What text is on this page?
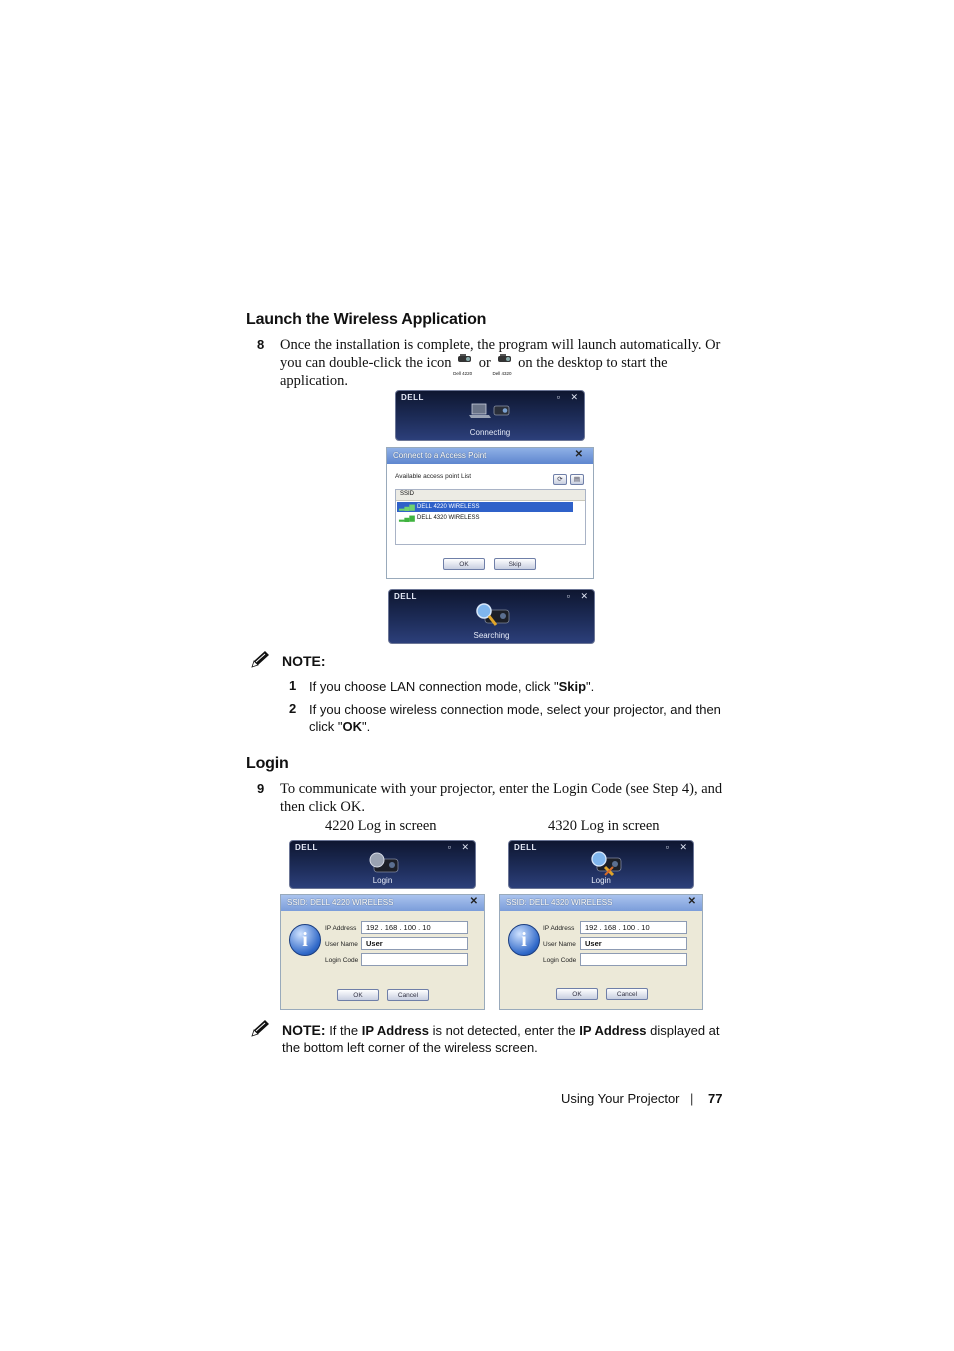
Launch the Wireless Application
8 Once the installation is complete, the program will launch automatically. Or you can double-click the icon
Dell 4220
or
Dell 4320
on the desktop to start the application.
DELL	▫ ✕
Connecting
Connect to a Access Point	✕
Available access point List	⟳	▤
SSID
▂▄▆ DELL 4220 WIRELESS
▂▄▆ DELL 4320 WIRELESS
OK	Skip
DELL	▫ ✕
Searching
NOTE:
1 If you choose LAN connection mode, click "Skip".
2 If you choose wireless connection mode, select your projector, and then click "OK".
Login
9 To communicate with your projector, enter the Login Code (see Step 4), and then click OK.
4220 Log in screen	4320 Log in screen
DELL	▫ ✕
Login
SSID: DELL 4220 WIRELESS	✕
i
IP Address	192 . 168 . 100 . 10
User Name	User
Login Code
OK	Cancel
DELL	▫ ✕
Login
SSID: DELL 4320 WIRELESS	✕
i
IP Address	192 . 168 . 100 . 10
User Name	User
Login Code
OK	Cancel
NOTE: If the IP Address is not detected, enter the IP Address displayed at the bottom left corner of the wireless screen.
Using Your Projector | 77
